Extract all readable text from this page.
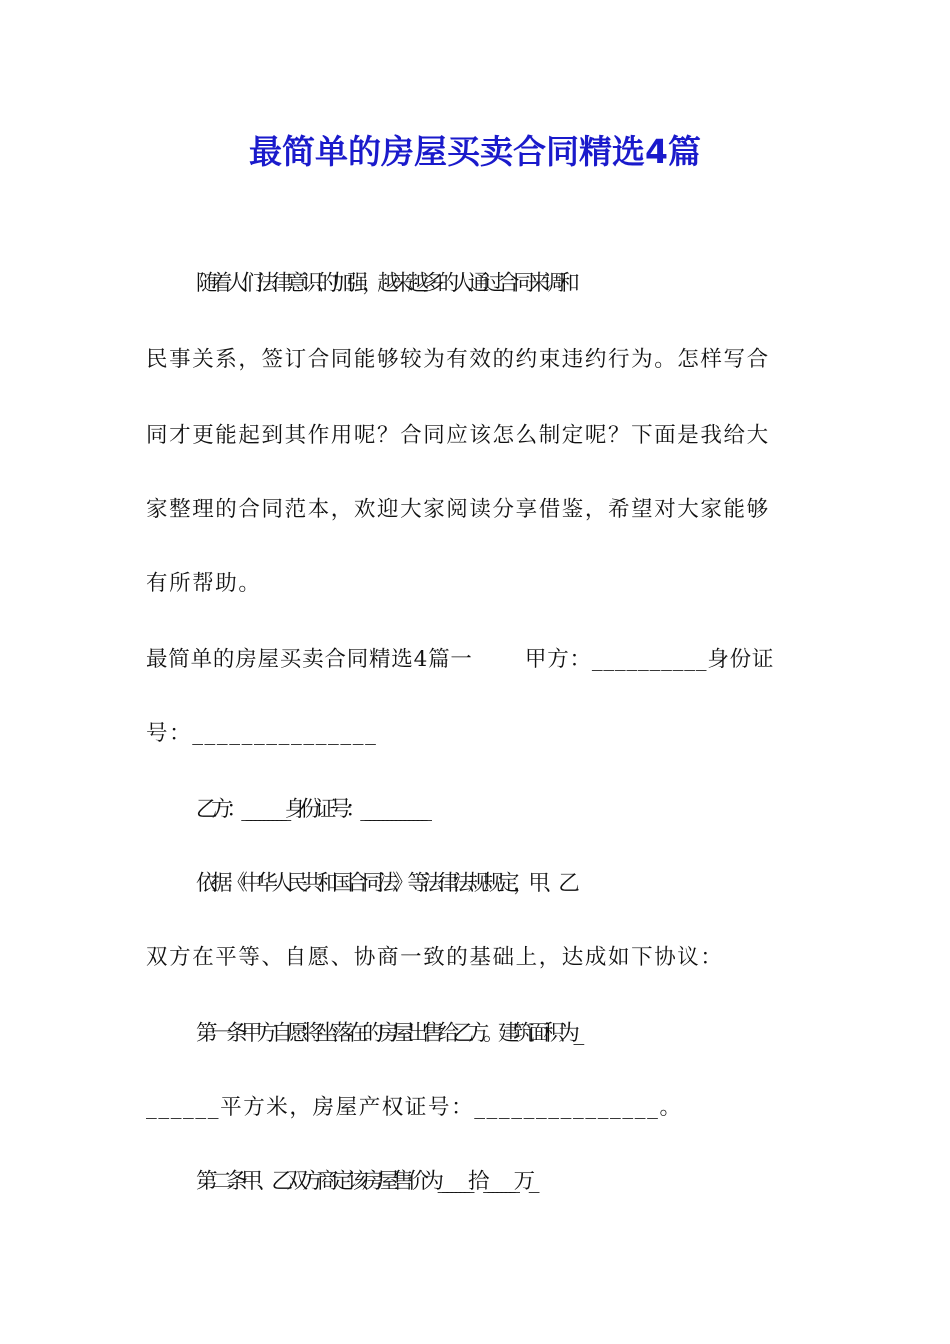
最简单的房屋买卖合同精选4篇

随着人们法律意识的加强，越来越多的人通过合同来调和

民事关系，签订合同能够较为有效的约束违约行为。怎样写合

同才更能起到其作用呢？合同应该怎么制定呢？下面是我给大

家整理的合同范本，欢迎大家阅读分享借鉴，希望对大家能够

有所帮助。

最简单的房屋买卖合同精选4篇一　　 甲方：__________身份证

号：_______________

乙方：__________身份证号：_______________

依据《中华人民共和国合同法》等法律法规规定，甲、乙

双方在平等、自愿、协商一致的基础上，达成如下协议：

第一条甲方自愿将坐落在的房屋出售给乙方。建筑面积为_

______平方米，房屋产权证号：_______________。

第二条甲、乙双方商定该房屋售价为_______拾_______万_
